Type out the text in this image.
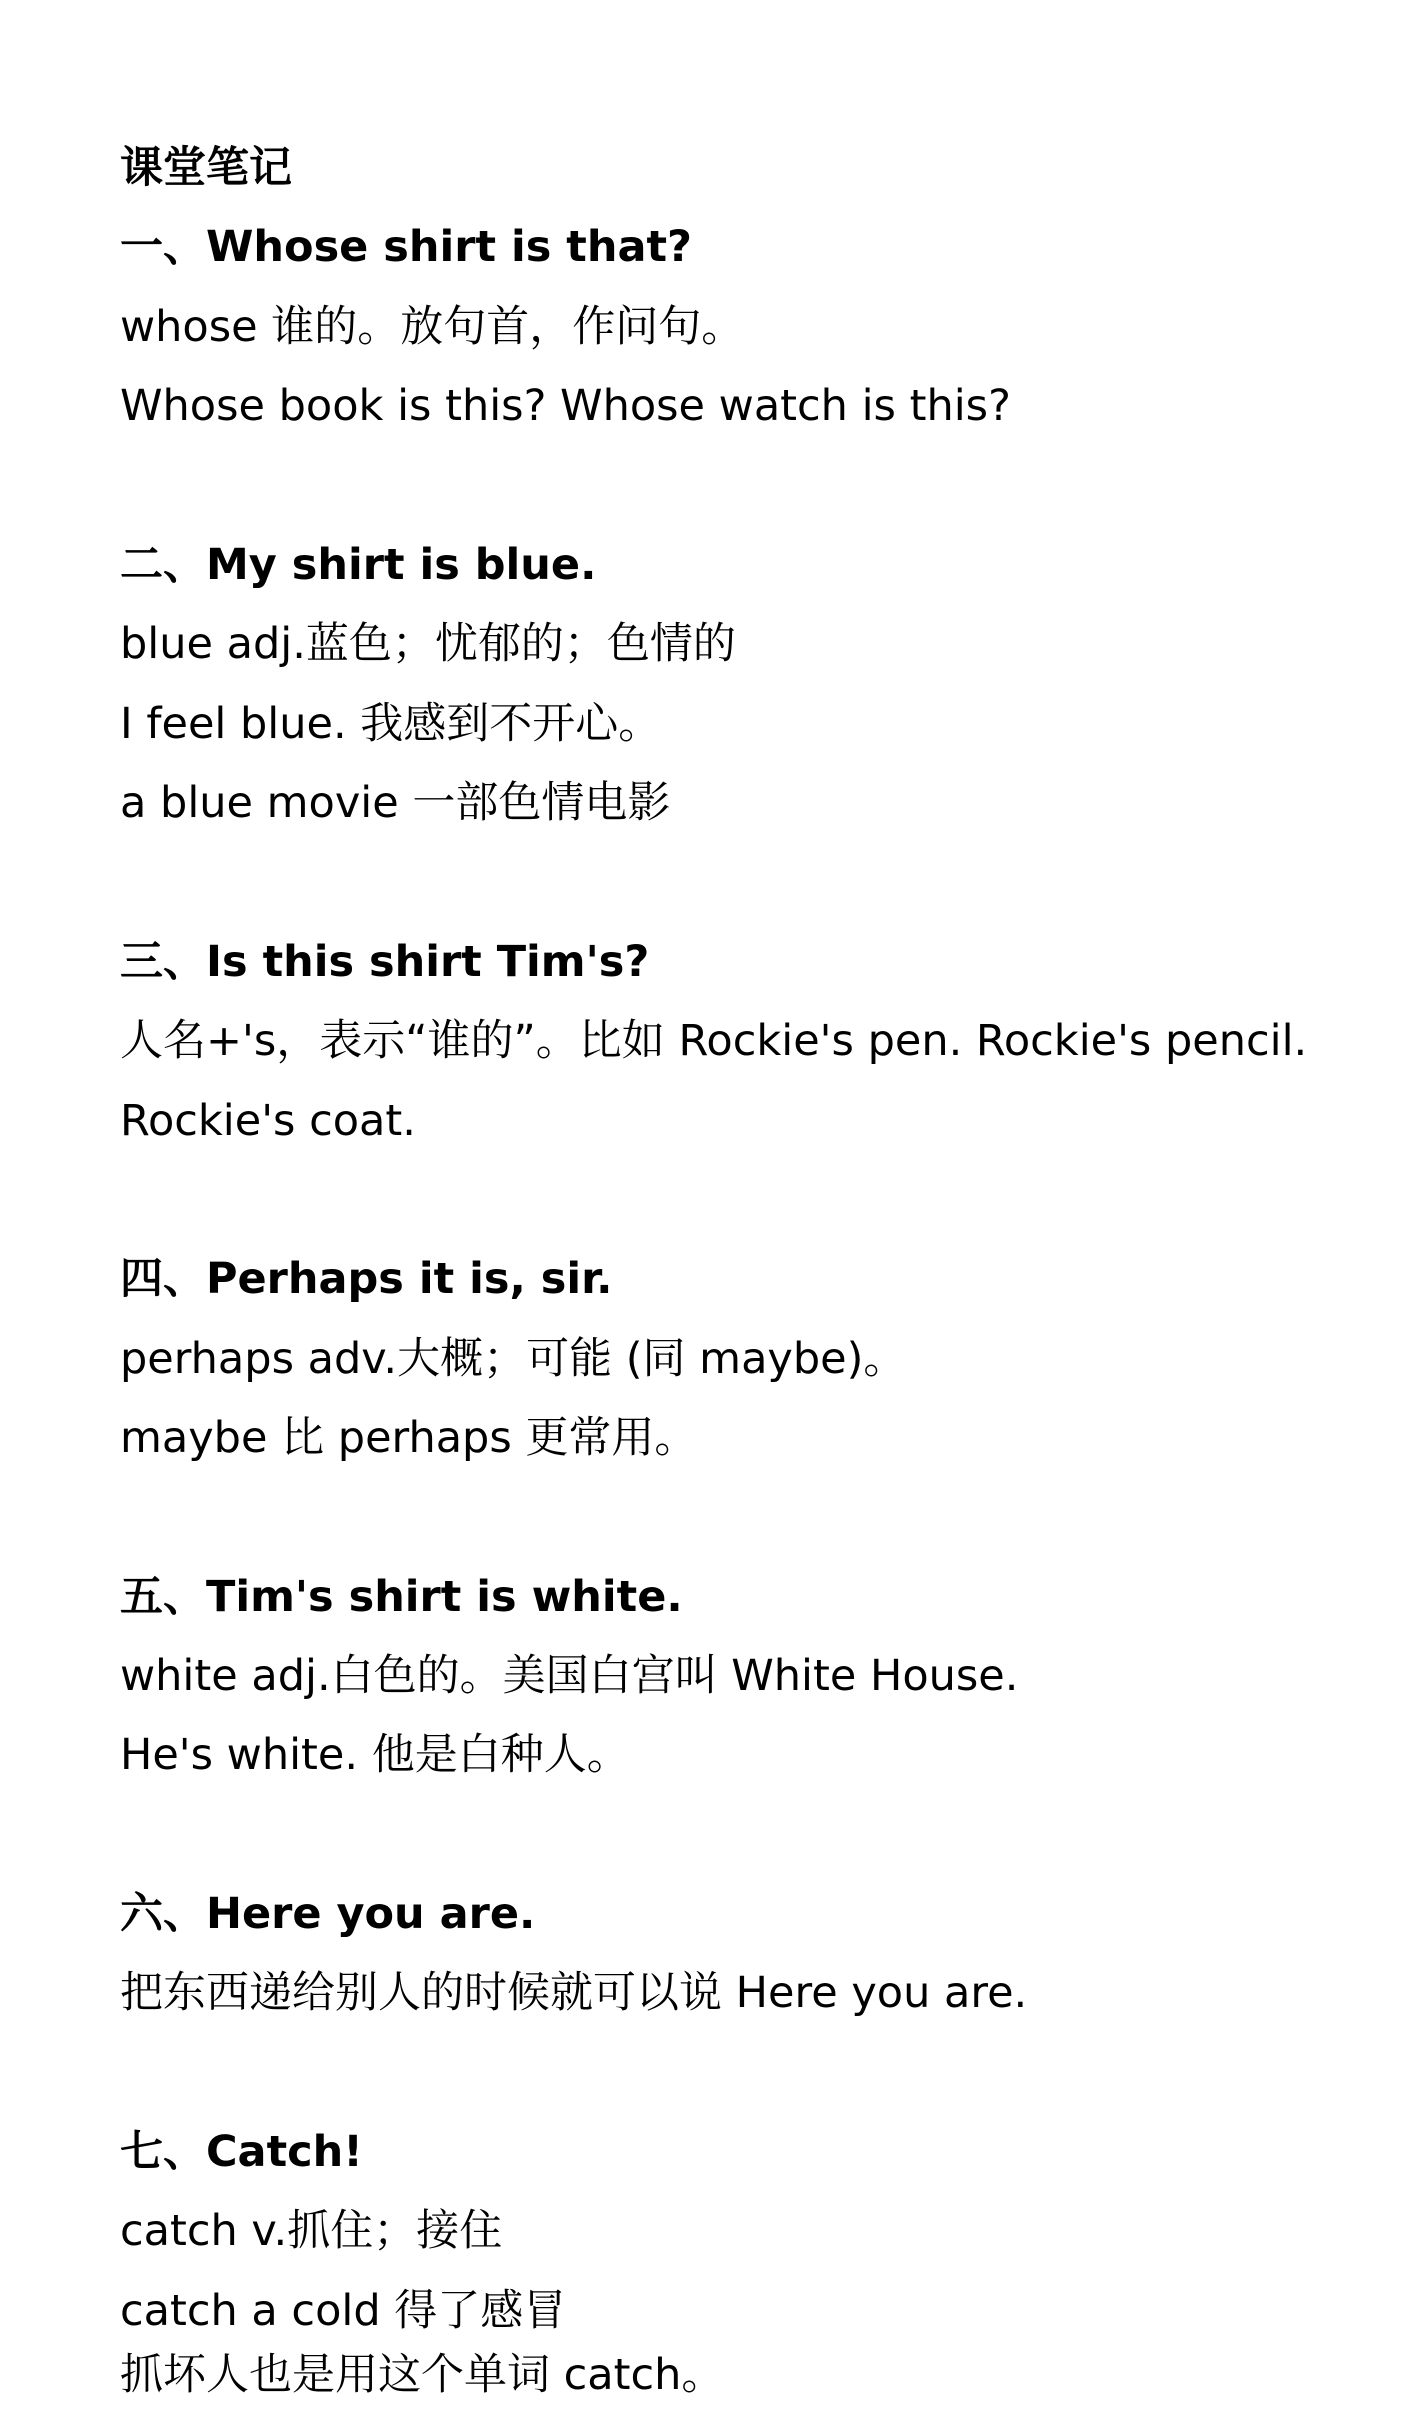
课堂笔记
一、Whose shirt is that?
whose 谁的。放句首，作问句。
Whose book is this? Whose watch is this?
二、My shirt is blue.
blue adj.蓝色；忧郁的；色情的
I feel blue. 我感到不开心。
a blue movie 一部色情电影
三、Is this shirt Tim's?
人名+'s，表示“谁的”。比如 Rockie's pen. Rockie's pencil.
Rockie's coat.
四、Perhaps it is, sir.
perhaps adv.大概；可能 (同 maybe)。
maybe 比 perhaps 更常用。
五、Tim's shirt is white.
white adj.白色的。美国白宫叫 White House.
He's white. 他是白种人。
六、Here you are.
把东西递给别人的时候就可以说 Here you are.
七、Catch!
catch v.抓住；接住
catch a cold 得了感冒
抓坏人也是用这个单词 catch。
